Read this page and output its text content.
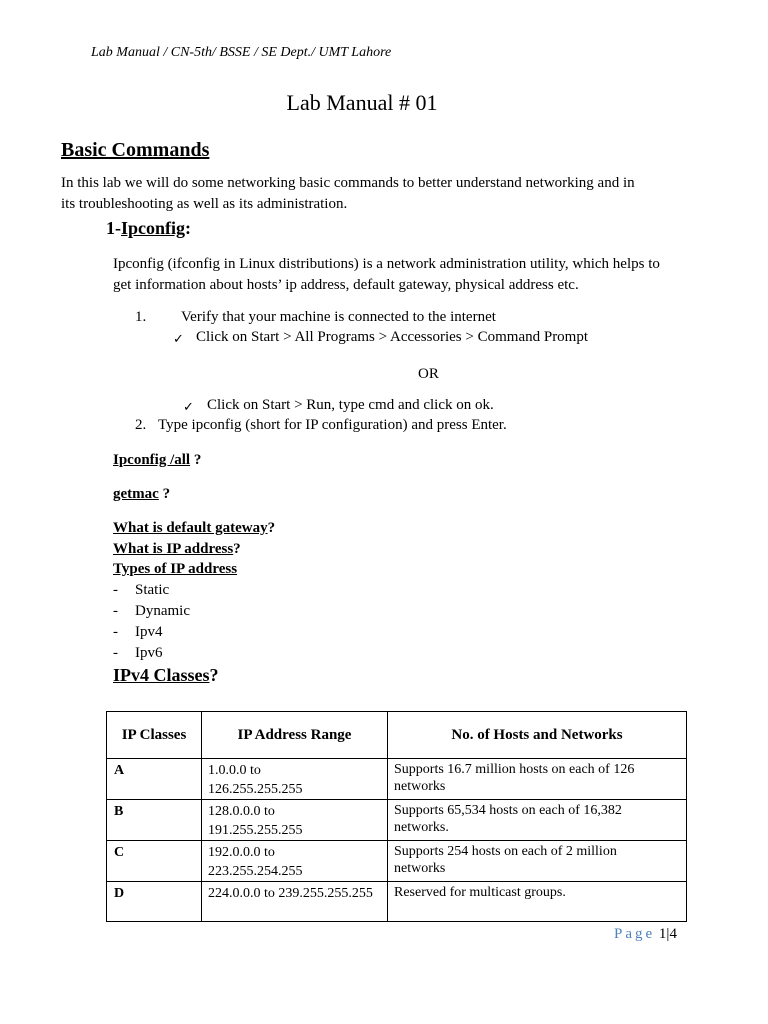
Lab Manual / CN-5th/ BSSE / SE Dept./ UMT Lahore
Lab Manual # 01
Basic Commands
In this lab we will do some networking basic commands to better understand networking and in
its troubleshooting as well as its administration.
1-Ipconfig:
Ipconfig (ifconfig in Linux distributions) is a network administration utility, which helps to
get information about hosts’ ip address, default gateway, physical address etc.
1. Verify that your machine is connected to the internet
✓ Click on Start > All Programs > Accessories > Command Prompt
OR
✓ Click on Start > Run, type cmd and click on ok.
2. Type ipconfig (short for IP configuration) and press Enter.
Ipconfig /all ?
getmac ?
What is default gateway?
What is IP address?
Types of IP address
- Static
- Dynamic
- Ipv4
- Ipv6
IPv4 Classes?
IP Classes	IP Address Range	No. of Hosts and Networks
A	1.0.0.0 to
126.255.255.255	Supports 16.7 million hosts on each of 126
networks
B	128.0.0.0 to
191.255.255.255	Supports 65,534 hosts on each of 16,382
networks.
C	192.0.0.0 to
223.255.254.255	Supports 254 hosts on each of 2 million
networks
D	224.0.0.0 to 239.255.255.255	Reserved for multicast groups.
Page 1|4
